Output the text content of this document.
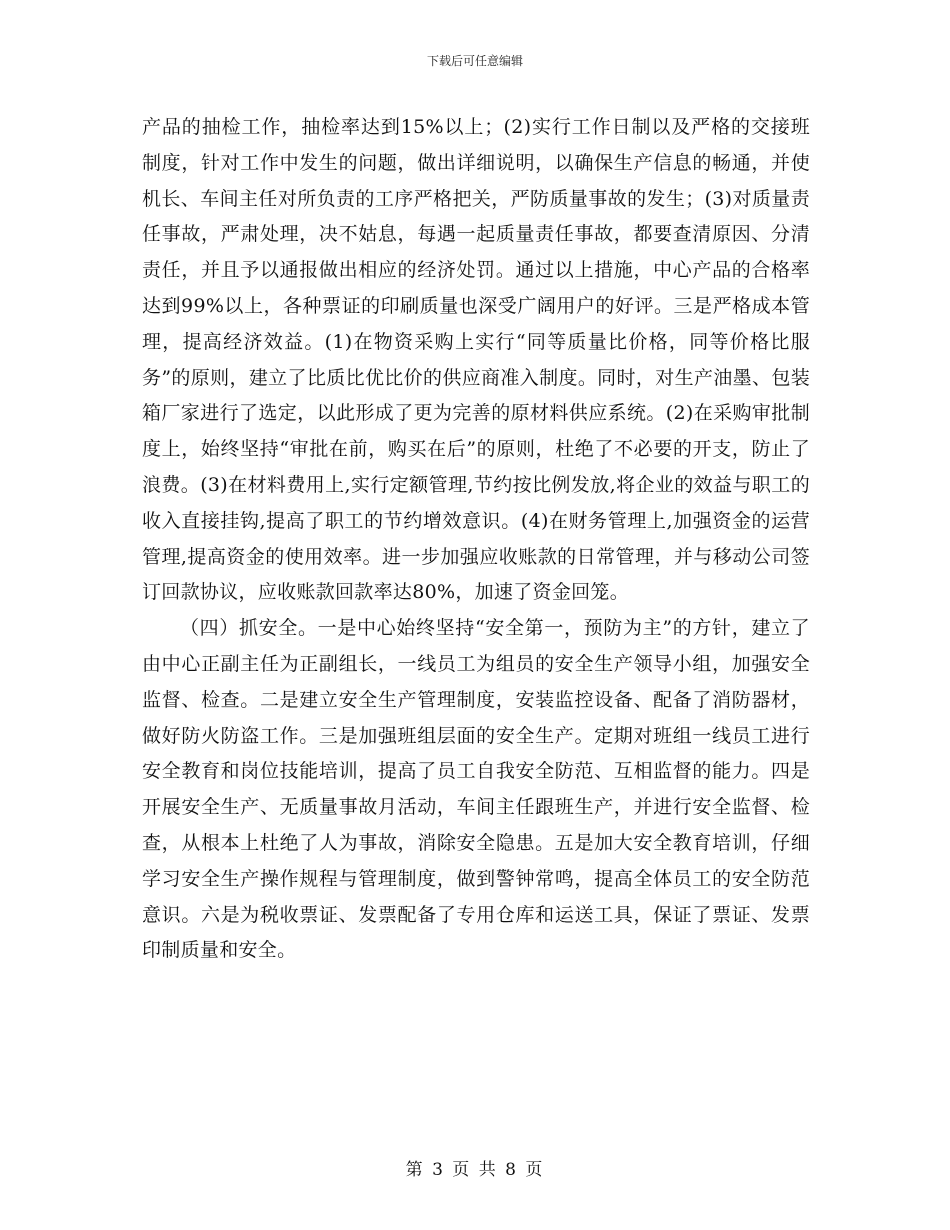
下载后可任意编辑

产品的抽检工作，抽检率达到15%以上；(2)实行工作日制以及严格的交接班制度，针对工作中发生的问题，做出详细说明，以确保生产信息的畅通，并使机长、车间主任对所负责的工序严格把关，严防质量事故的发生；(3)对质量责任事故，严肃处理，决不姑息，每遇一起质量责任事故，都要查清原因、分清责任，并且予以通报做出相应的经济处罚。通过以上措施，中心产品的合格率达到99%以上，各种票证的印刷质量也深受广阔用户的好评。三是严格成本管理，提高经济效益。(1)在物资采购上实行“同等质量比价格，同等价格比服务”的原则，建立了比质比优比价的供应商准入制度。同时，对生产油墨、包装箱厂家进行了选定，以此形成了更为完善的原材料供应系统。(2)在采购审批制度上，始终坚持“审批在前，购买在后”的原则，杜绝了不必要的开支，防止了浪费。(3)在材料费用上,实行定额管理,节约按比例发放,将企业的效益与职工的收入直接挂钩,提高了职工的节约增效意识。(4)在财务管理上,加强资金的运营管理,提高资金的使用效率。进一步加强应收账款的日常管理，并与移动公司签订回款协议，应收账款回款率达80%，加速了资金回笼。

（四）抓安全。一是中心始终坚持“安全第一，预防为主”的方针，建立了由中心正副主任为正副组长，一线员工为组员的安全生产领导小组，加强安全监督、检查。二是建立安全生产管理制度，安装监控设备、配备了消防器材，做好防火防盗工作。三是加强班组层面的安全生产。定期对班组一线员工进行安全教育和岗位技能培训，提高了员工自我安全防范、互相监督的能力。四是开展安全生产、无质量事故月活动，车间主任跟班生产，并进行安全监督、检查，从根本上杜绝了人为事故，消除安全隐患。五是加大安全教育培训，仔细学习安全生产操作规程与管理制度，做到警钟常鸣，提高全体员工的安全防范意识。六是为税收票证、发票配备了专用仓库和运送工具，保证了票证、发票印制质量和安全。

第 3 页 共 8 页
